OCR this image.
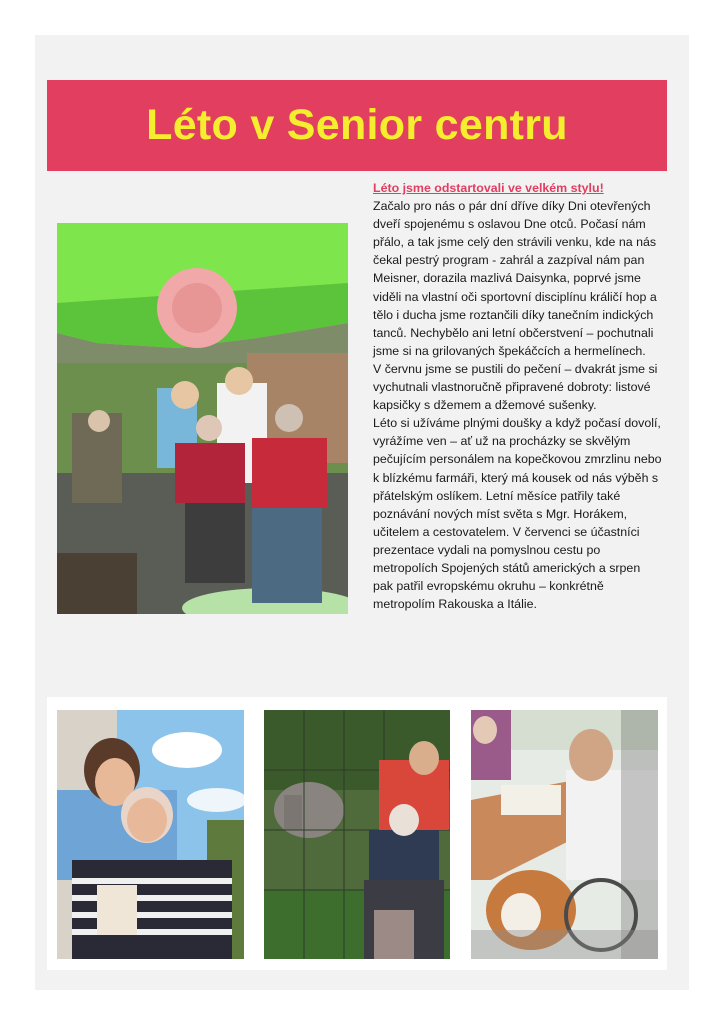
Léto v Senior centru
Léto jsme odstartovali ve velkém stylu!

Začalo pro nás o pár dní dříve díky Dni otevřených dveří spojenému s oslavou Dne otců. Počasí nám přálo, a tak jsme celý den strávili venku, kde na nás čekal pestrý program - zahrál a zazpíval nám pan Meisner, dorazila mazlivá Daisynka, poprvé jsme viděli na vlastní oči sportovní disciplínu králičí hop a tělo i ducha jsme roztančili díky tanečním indických tanců. Nechybělo ani letní občerstvení – pochutnali jsme si na grilovaných špekáčcích a hermelínech.

V červnu jsme se pustili do pečení – dvakrát jsme si vychutnali vlastnoručně připravené dobroty: listové kapsičky s džemem a džemové sušenky.

Léto si užíváme plnými doušky a když počasí dovolí, vyrážíme ven – ať už na procházky se skvělým pečujícím personálem na kopečkovou zmrzlinu nebo k blízkému farmáři, který má kousek od nás výběh s přátelským oslíkem. Letní měsíce patřily také poznávání nových míst světa s Mgr. Horákem, učitelem a cestovatelem. V červenci se účastníci prezentace vydali na pomyslnou cestu po metropolích Spojených států amerických a srpen pak patřil evropskému okruhu – konkrétně metropolím Rakouska a Itálie.
